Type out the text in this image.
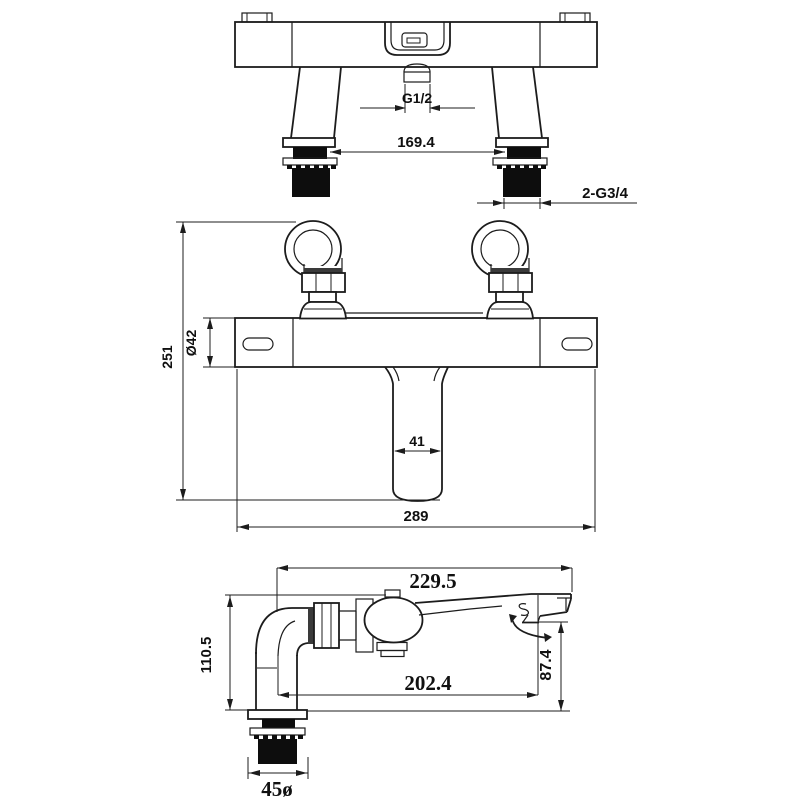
G1/2
169.4
2-G3/4
251
Ø42
41
289
229.5
110.5
202.4
87.4
45ø
